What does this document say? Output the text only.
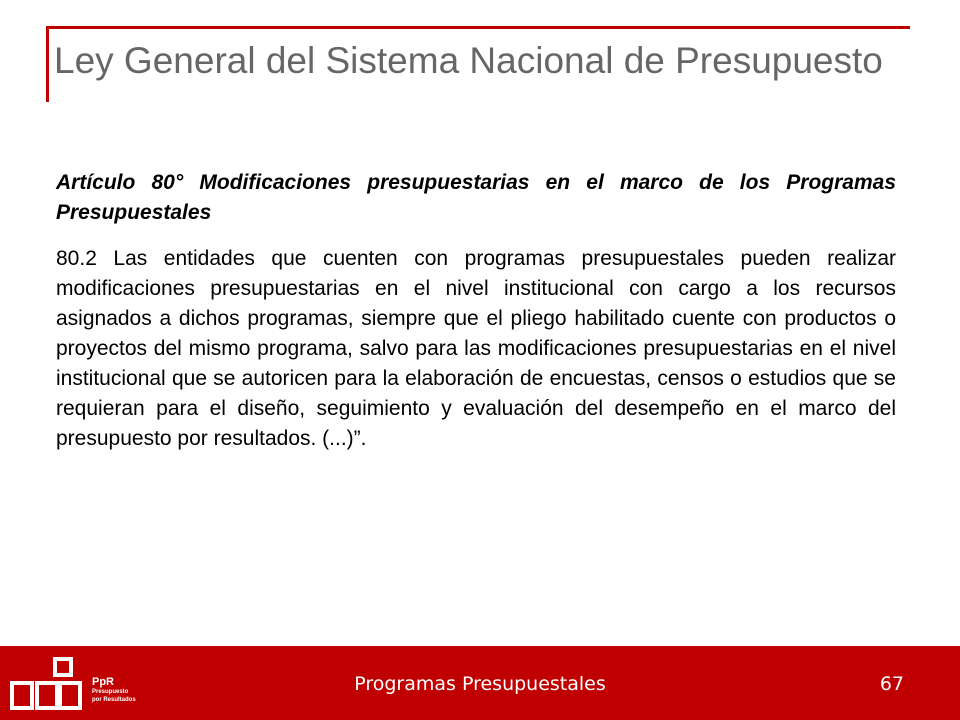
Ley General del Sistema Nacional de Presupuesto

Artículo 80° Modificaciones presupuestarias en el marco de los Programas Presupuestales

80.2 Las entidades que cuenten con programas presupuestales pueden realizar modificaciones presupuestarias en el nivel institucional con cargo a los recursos asignados a dichos programas, siempre que el pliego habilitado cuente con productos o proyectos del mismo programa, salvo para las modificaciones presupuestarias en el nivel institucional que se autoricen para la elaboración de encuestas, censos o estudios que se requieran para el diseño, seguimiento y evaluación del desempeño en el marco del presupuesto por resultados. (...)”.

PpR
Presupuesto
por Resultados
Programas Presupuestales	67
